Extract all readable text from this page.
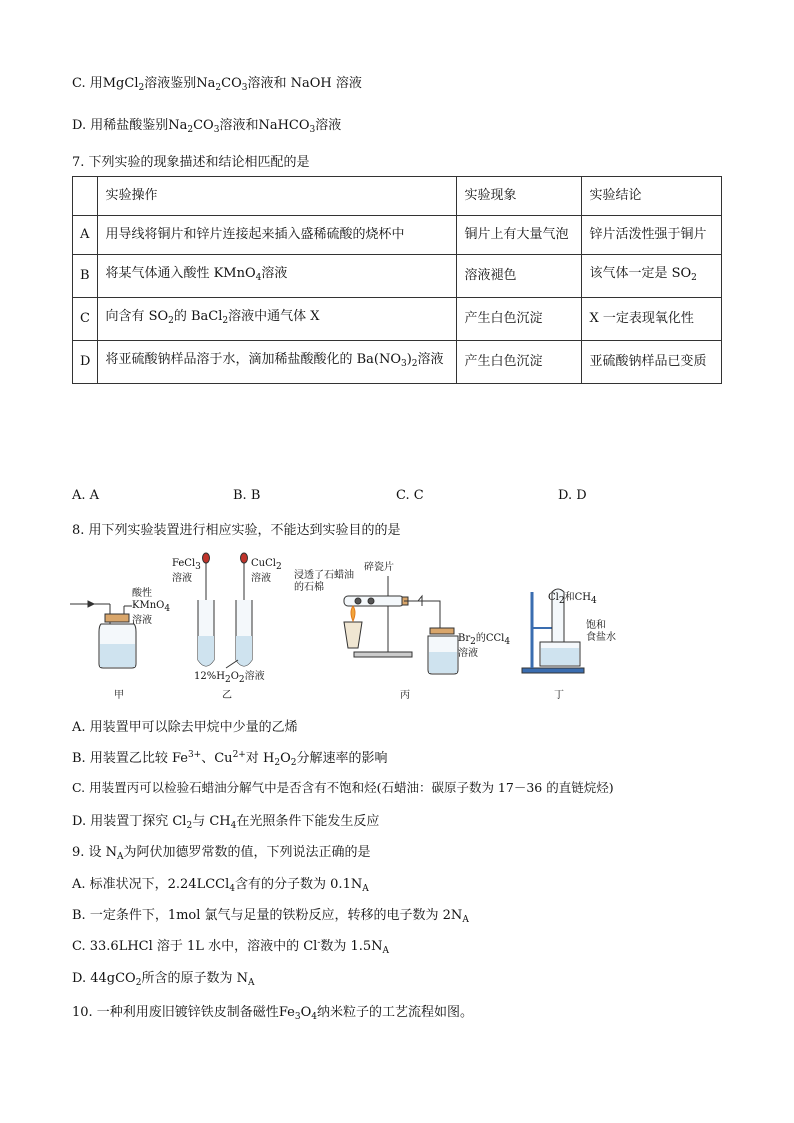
C. 用MgCl$_2$溶液鉴别$Na_2CO_3$溶液和 NaOH 溶液
D. 用稀盐酸鉴别$Na_2CO_3$溶液和NaHCO$_3$溶液
7. 下列实验的现象描述和结论相匹配的是
	实验操作	实验现象	实验结论
A	用导线将铜片和锌片连接起来插入盛稀硫酸的烧杯中	铜片上有大量气泡	锌片活泼性强于铜片
B	将某气体通入酸性 KMnO$_4$溶液	溶液褪色	该气体一定是 $SO_2$
C	向含有 $SO_2$的 BaCl$_2$溶液中通气体 X	产生白色沉淀	X 一定表现氧化性
D	将亚硫酸钠样品溶于水，滴加稀盐酸酸化的 $Ba(NO_3)_2$溶液	产生白色沉淀	亚硫酸钠样品已变质
A. A	B. B	C. C	D. D
8. 用下列实验装置进行相应实验，不能达到实验目的的是
酸性
KMnO$_4$
溶液
FeCl$_3$
溶液
CuCl$_2$
溶液
$12\%H_2O_2$溶液
碎瓷片
浸透了石蜡油
的石棉
$Br_2$的CCl$_4$
溶液
$Cl_2$和$CH_4$
饱和
食盐水
甲	乙	丙	丁
A. 用装置甲可以除去甲烷中少量的乙烯
B. 用装置乙比较 $Fe^{3+}$、$Cu^{2+}$对 $H_2O_2$分解速率的影响
C. 用装置丙可以检验石蜡油分解气中是否含有不饱和烃(石蜡油：碳原子数为 17－36 的直链烷烃)
D. 用装置丁探究 $Cl_2$与 $CH_4$在光照条件下能发生反应
9. 设 $N_A$为阿伏加德罗常数的值，下列说法正确的是
A. 标准状况下，2.24LCCl$_4$含有的分子数为 $0.1N_A$
B. 一定条件下，1mol 氯气与足量的铁粉反应，转移的电子数为 $2N_A$
C. 33.6LHCl 溶于 1L 水中，溶液中的 Cl-数为 $1.5N_A$
D. 44gCO$_2$所含的原子数为 $N_A$
10. 一种利用废旧镀锌铁皮制备磁性$Fe_3O_4$纳米粒子的工艺流程如图。
